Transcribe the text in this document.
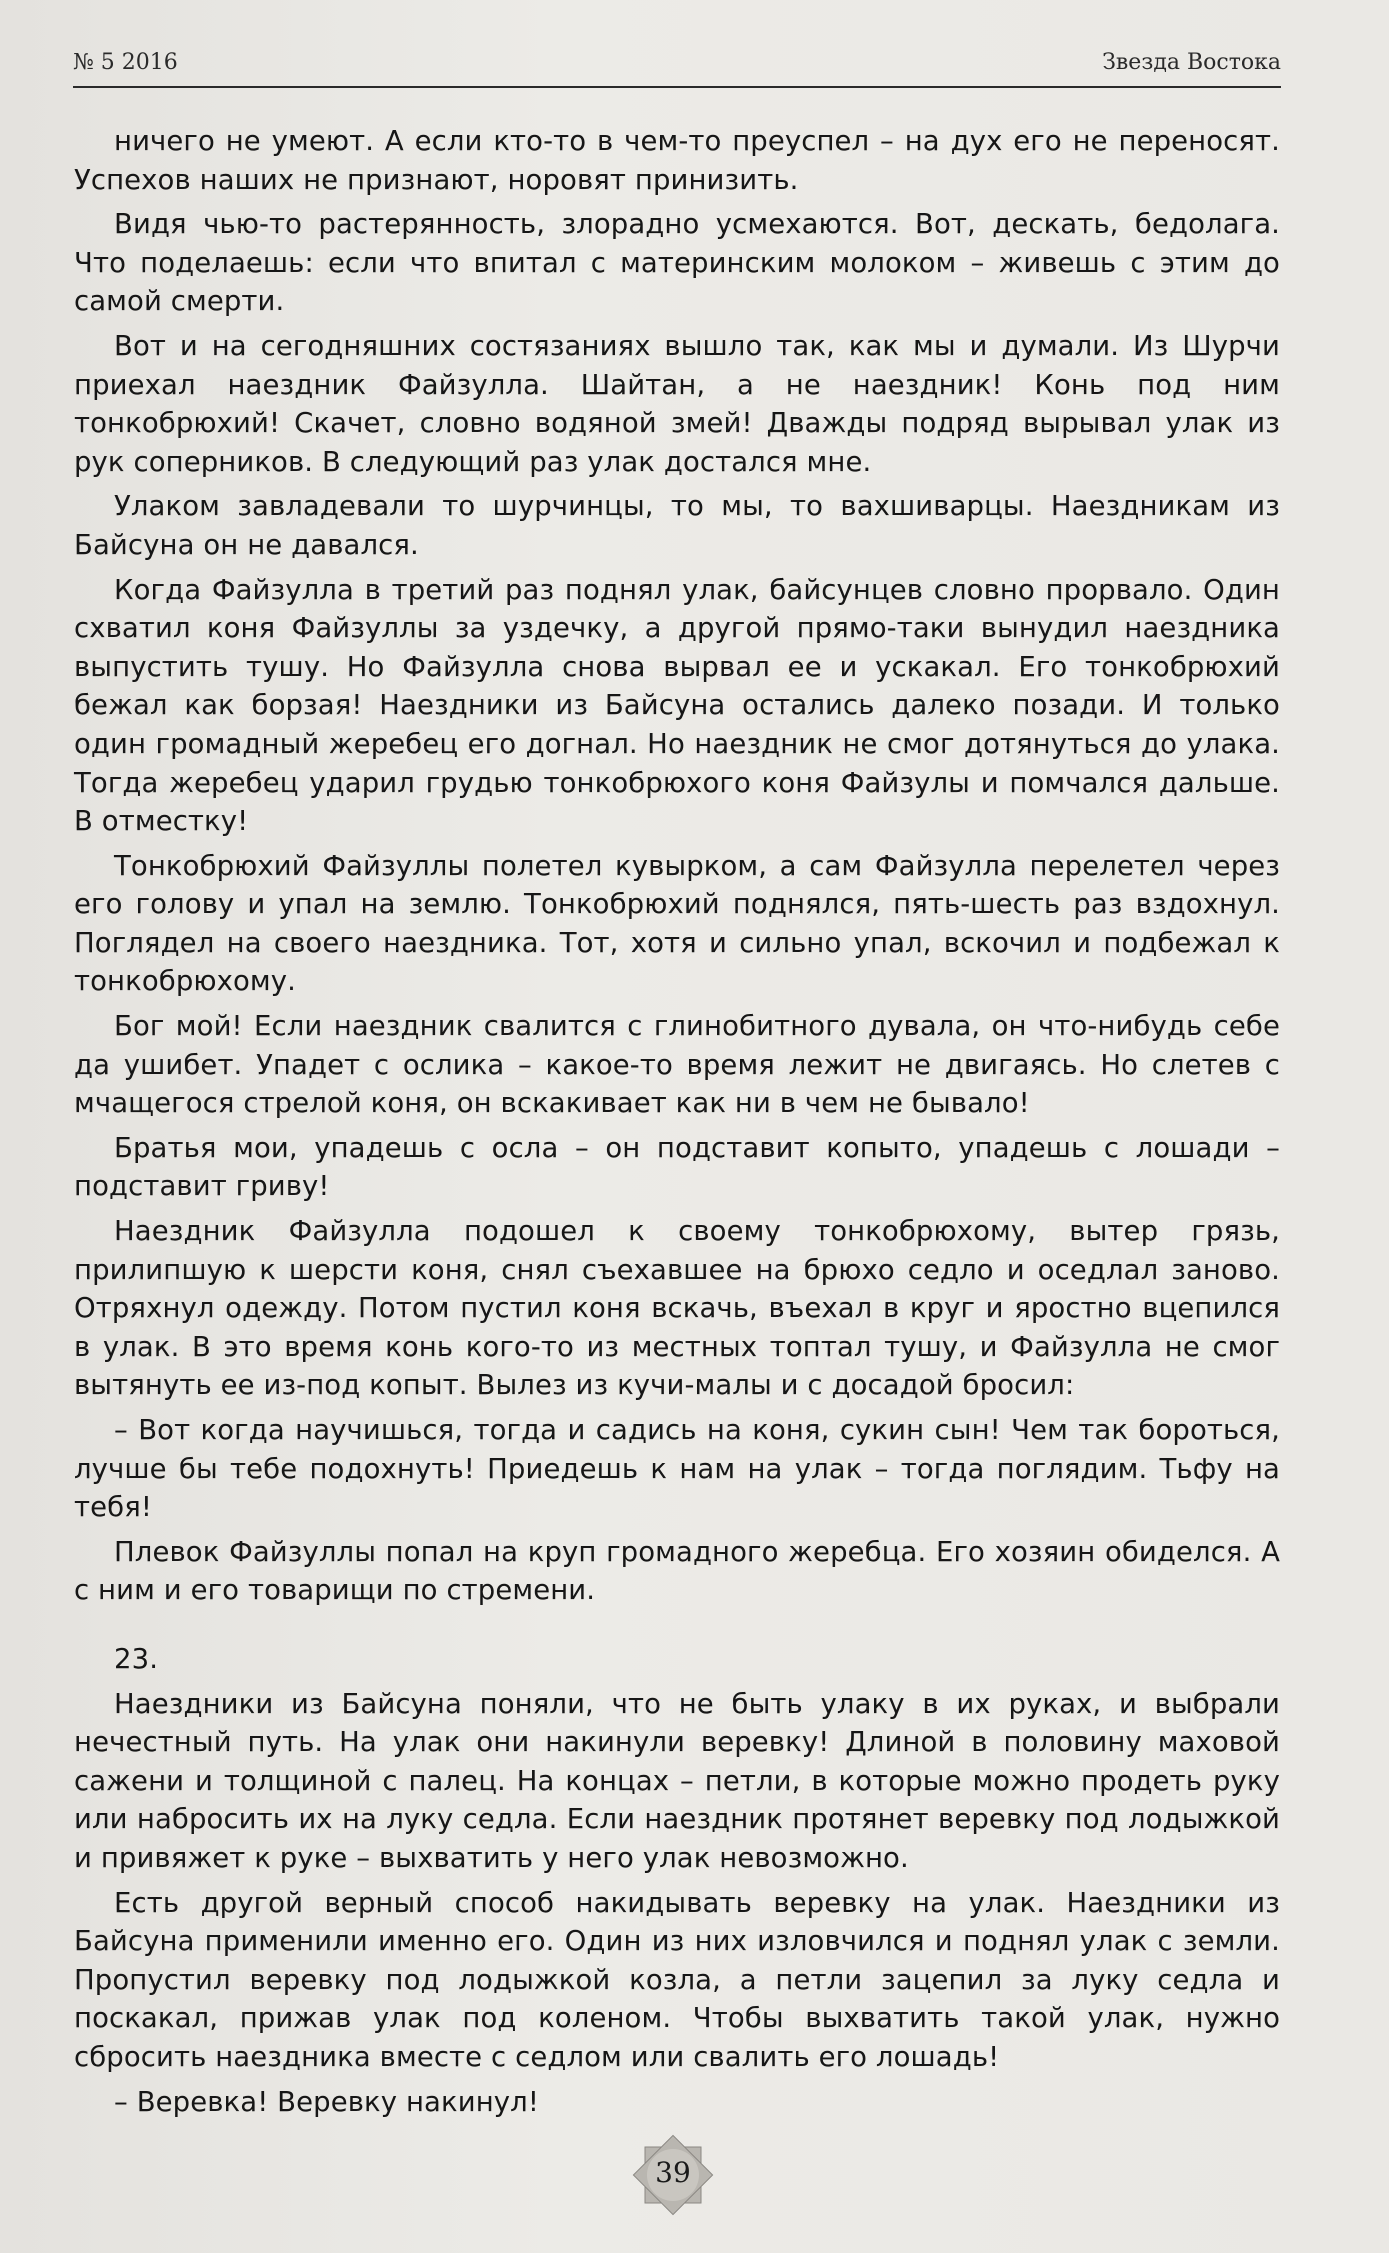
№ 5 2016	Звезда Востока

ничего не умеют. А если кто-то в чем-то преуспел – на дух его не переносят. Успехов наших не признают, норовят принизить.

Видя чью-то растерянность, злорадно усмехаются. Вот, дескать, бедолага. Что поделаешь: если что впитал с материнским молоком – живешь с этим до самой смерти.

Вот и на сегодняшних состязаниях вышло так, как мы и думали. Из Шурчи приехал наездник Файзулла. Шайтан, а не наездник! Конь под ним тонкобрюхий! Скачет, словно водяной змей! Дважды подряд вырывал улак из рук соперников. В следующий раз улак достался мне.

Улаком завладевали то шурчинцы, то мы, то вахшиварцы. Наездникам из Байсуна он не давался.

Когда Файзулла в третий раз поднял улак, байсунцев словно прорвало. Один схватил коня Файзуллы за уздечку, а другой прямо-таки вынудил наездника выпустить тушу. Но Файзулла снова вырвал ее и ускакал. Его тонкобрюхий бежал как борзая! Наездники из Байсуна остались далеко позади. И только один громадный жеребец его догнал. Но наездник не смог дотянуться до улака. Тогда жеребец ударил грудью тонкобрюхого коня Файзулы и помчался дальше. В отместку!

Тонкобрюхий Файзуллы полетел кувырком, а сам Файзулла перелетел через его голову и упал на землю. Тонкобрюхий поднялся, пять-шесть раз вздохнул. Поглядел на своего наездника. Тот, хотя и сильно упал, вскочил и подбежал к тонкобрюхому.

Бог мой! Если наездник свалится с глинобитного дувала, он что-нибудь себе да ушибет. Упадет с ослика – какое-то время лежит не двигаясь. Но слетев с мчащегося стрелой коня, он вскакивает как ни в чем не бывало!

Братья мои, упадешь с осла – он подставит копыто, упадешь с лошади – подставит гриву!

Наездник Файзулла подошел к своему тонкобрюхому, вытер грязь, прилипшую к шерсти коня, снял съехавшее на брюхо седло и оседлал заново. Отряхнул одежду. Потом пустил коня вскачь, въехал в круг и яростно вцепился в улак. В это время конь кого-то из местных топтал тушу, и Файзулла не смог вытянуть ее из-под копыт. Вылез из кучи-малы и с досадой бросил:

– Вот когда научишься, тогда и садись на коня, сукин сын! Чем так бороться, лучше бы тебе подохнуть! Приедешь к нам на улак – тогда поглядим. Тьфу на тебя!

Плевок Файзуллы попал на круп громадного жеребца. Его хозяин обиделся. А с ним и его товарищи по стремени.

23.

Наездники из Байсуна поняли, что не быть улаку в их руках, и выбрали нечестный путь. На улак они накинули веревку! Длиной в половину маховой сажени и толщиной с палец. На концах – петли, в которые можно продеть руку или набросить их на луку седла. Если наездник протянет веревку под лодыжкой и привяжет к руке – выхватить у него улак невозможно.

Есть другой верный способ накидывать веревку на улак. Наездники из Байсуна применили именно его. Один из них изловчился и поднял улак с земли. Пропустил веревку под лодыжкой козла, а петли зацепил за луку седла и поскакал, прижав улак под коленом. Чтобы выхватить такой улак, нужно сбросить наездника вместе с седлом или свалить его лошадь!

– Веревка! Веревку накинул!

39
